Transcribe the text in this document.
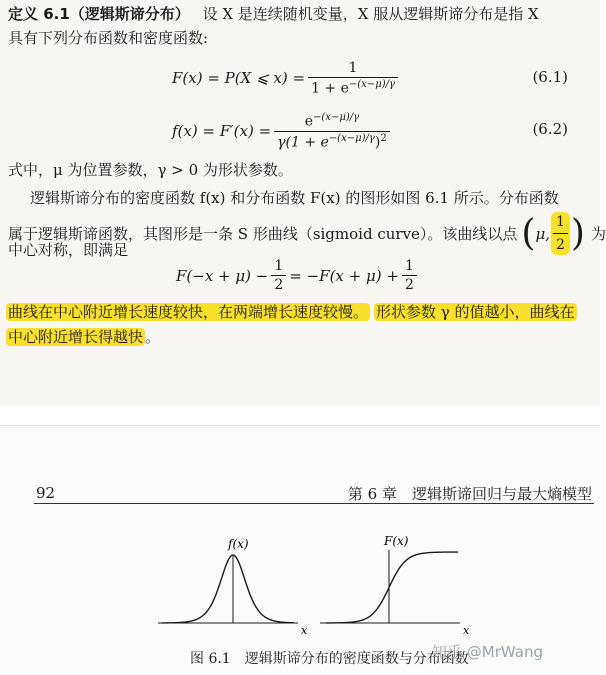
定义 6.1（逻辑斯谛分布） 设 X 是连续随机变量，X 服从逻辑斯谛分布是指 X
具有下列分布函数和密度函数:
F(x) = P(X ⩽ $x) = \frac{1}{1 + e^{-(x-\mu)/\gamma}}$	(6.1)
$f(x) = F'(x) = \frac{e^{-(x-\mu)/\gamma}}{\gamma(1 + e^{-(x-\mu)/\gamma})^2}$	(6.2)
式中，μ 为位置参数，γ > 0 为形状参数。
逻辑斯谛分布的密度函数 f(x) 和分布函数 F(x) 的图形如图 6.1 所示。分布函数
属于逻辑斯谛函数，其图形是一条 S 形曲线（sigmoid curve）。该曲线以点 ( μ, $\frac{1}{2}$ ) 为
中心对称，即满足
$F(-x + \mu) - \frac{1}{2} = -F(x + \mu) + \frac{1}{2}$
曲线在中心附近增长速度较快，在两端增长速度较慢。 形状参数 γ 的值越小，曲线在
中心附近增长得越快 。
92	第 6 章　逻辑斯谛回归与最大熵模型
f(x)
x
F(x)
x
图 6.1　逻辑斯谛分布的密度函数与分布函数
知乎 @MrWang
